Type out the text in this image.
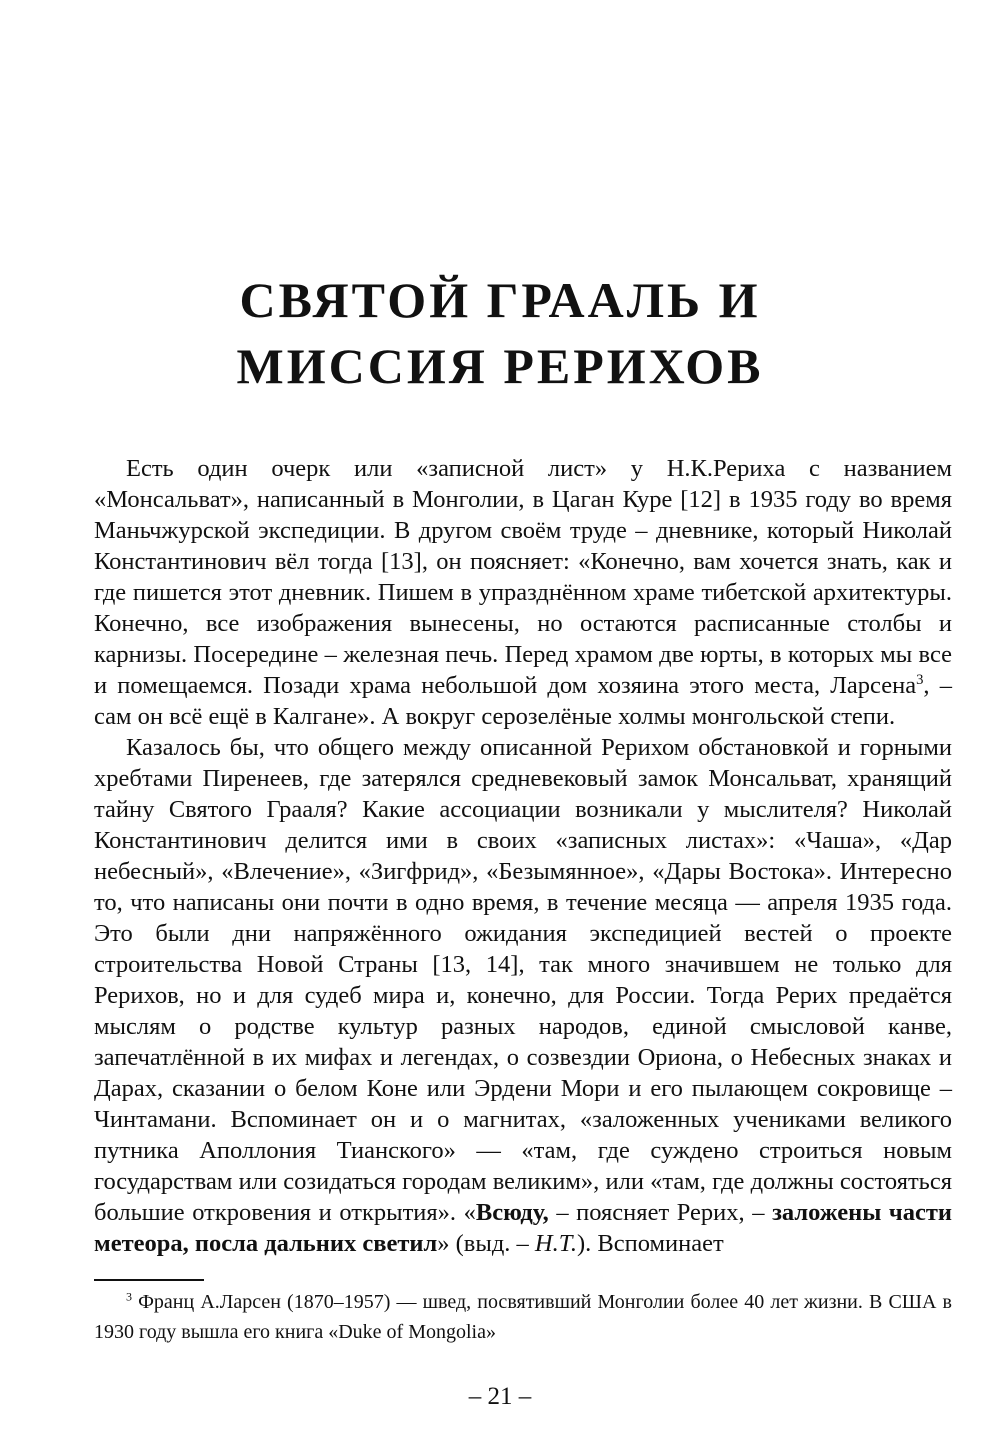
СВЯТОЙ ГРААЛЬ И
МИССИЯ РЕРИХОВ

Есть один очерк или «записной лист» у Н.К.Рериха с названием «Монсальват», написанный в Монголии, в Цаган Куре [12] в 1935 году во время Маньчжурской экспедиции. В другом своём труде – дневнике, который Николай Константинович вёл тогда [13], он поясняет: «Конечно, вам хочется знать, как и где пишется этот дневник. Пишем в упразднённом храме тибетской архитектуры. Конечно, все изображения вынесены, но остаются расписанные столбы и карнизы. Посередине – железная печь. Перед храмом две юрты, в которых мы все и помещаемся. Позади храма небольшой дом хозяина этого места, Ларсена$^3$, – сам он всё ещё в Калгане». А вокруг серозелёные холмы монгольской степи.

Казалось бы, что общего между описанной Рерихом обстановкой и горными хребтами Пиренеев, где затерялся средневековый замок Монсальват, хранящий тайну Святого Грааля? Какие ассоциации возникали у мыслителя? Николай Константинович делится ими в своих «записных листах»: «Чаша», «Дар небесный», «Влечение», «Зигфрид», «Безымянное», «Дары Востока». Интересно то, что написаны они почти в одно время, в течение месяца — апреля 1935 года. Это были дни напряжённого ожидания экспедицией вестей о проекте строительства Новой Страны [13, 14], так много значившем не только для Рерихов, но и для судеб мира и, конечно, для России. Тогда Рерих предаётся мыслям о родстве культур разных народов, единой смысловой канве, запечатлённой в их мифах и легендах, о созвездии Ориона, о Небесных знаках и Дарах, сказании о белом Коне или Эрдени Мори и его пылающем сокровище – Чинтамани. Вспоминает он и о магнитах, «заложенных учениками великого путника Аполлония Тианского» — «там, где суждено строиться новым государствам или созидаться городам великим», или «там, где должны состояться большие откровения и открытия». «Всюду, – поясняет Рерих, – заложены части метеора, посла дальних светил» (выд. – Н.Т.). Вспоминает

$^3$ Франц А.Ларсен (1870–1957) — швед, посвятивший Монголии более 40 лет жизни. В США в 1930 году вышла его книга «Duke of Mongolia»

– 21 –
